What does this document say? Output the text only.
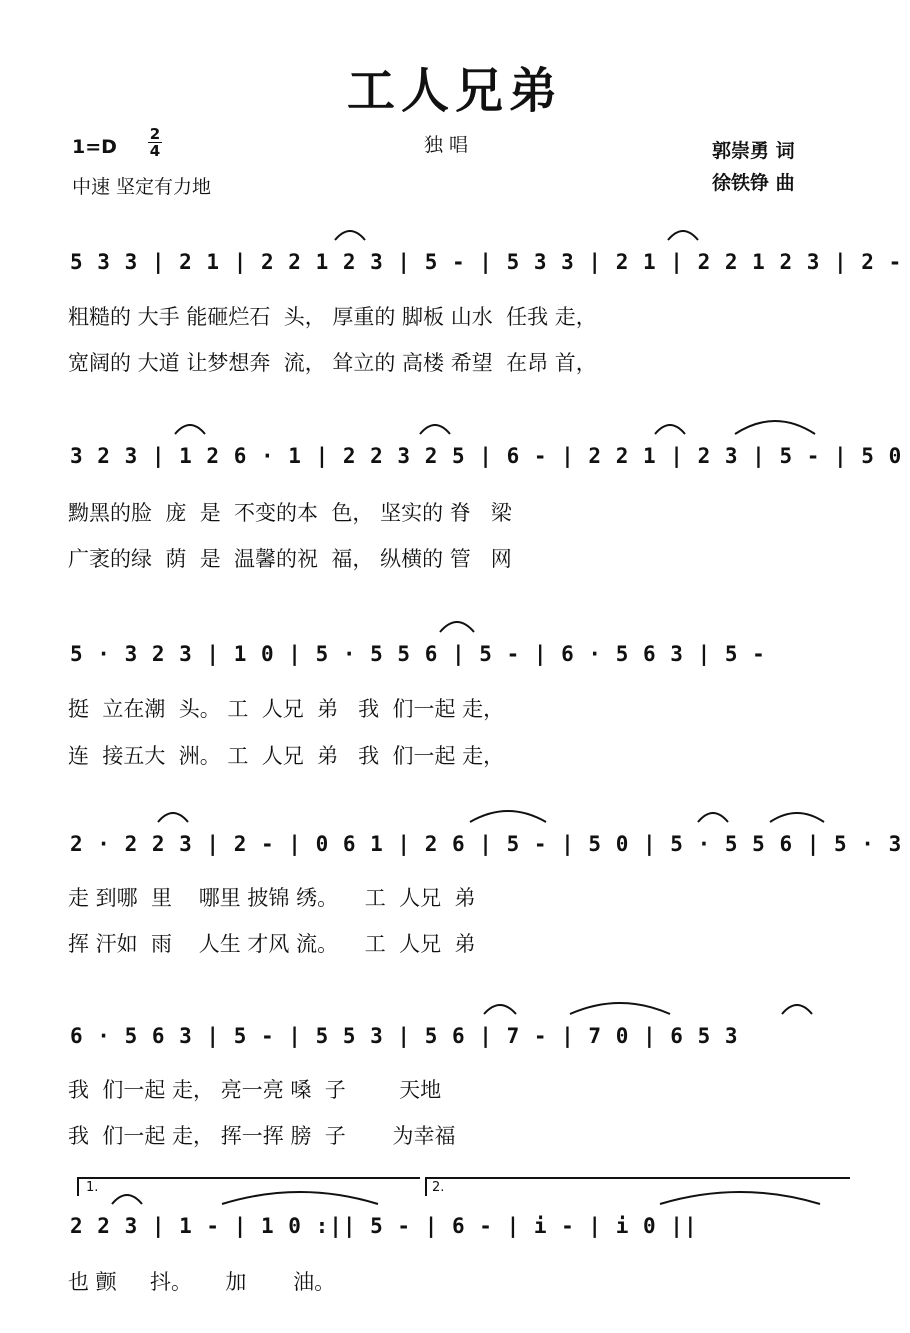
工人兄弟
1=D
2
4	独 唱
中速 坚定有力地
郭崇勇 词
徐铁铮 曲
5 3 3 | 2 1 | 2 2 1 2 3 | 5 - | 5 3 3 | 2 1 | 2 2 1 2 3 | 2 -
粗糙的 大手 能砸烂石  头， 厚重的 脚板 山水  任我 走，
宽阔的 大道 让梦想奔  流， 耸立的 高楼 希望  在昂 首，
3 2 3 | 1 2 6 · 1 | 2 2 3 2 5 | 6 - | 2 2 1 | 2 3 | 5 - | 5 0
黝黑的脸  庞  是  不变的本  色， 坚实的 脊   梁
广袤的绿  荫  是  温馨的祝  福， 纵横的 管   网
5 · 3 2 3 | 1 0 | 5 · 5 5 6 | 5 - | 6 · 5 6 3 | 5 -
挺  立在潮  头。 工  人兄  弟   我  们一起 走，
连  接五大  洲。 工  人兄  弟   我  们一起 走，
2 · 2 2 3 | 2 - | 0 6 1 | 2 6 | 5 - | 5 0 | 5 · 5 5 6 | 5 · 3
走 到哪  里    哪里 披锦 绣。    工  人兄  弟
挥 汗如  雨    人生 才风 流。    工  人兄  弟
6 · 5 6 3 | 5 - | 5 5 3 | 5 6 | 7 - | 7 0 | 6 5 3
我  们一起 走， 亮一亮 嗓  子        天地
我  们一起 走， 挥一挥 膀  子       为幸福
1.	2.
2 2 3 | 1 - | 1 0 :|| 5 - | 6 - | i - | i 0 ||
也 颤     抖。     加       油。
